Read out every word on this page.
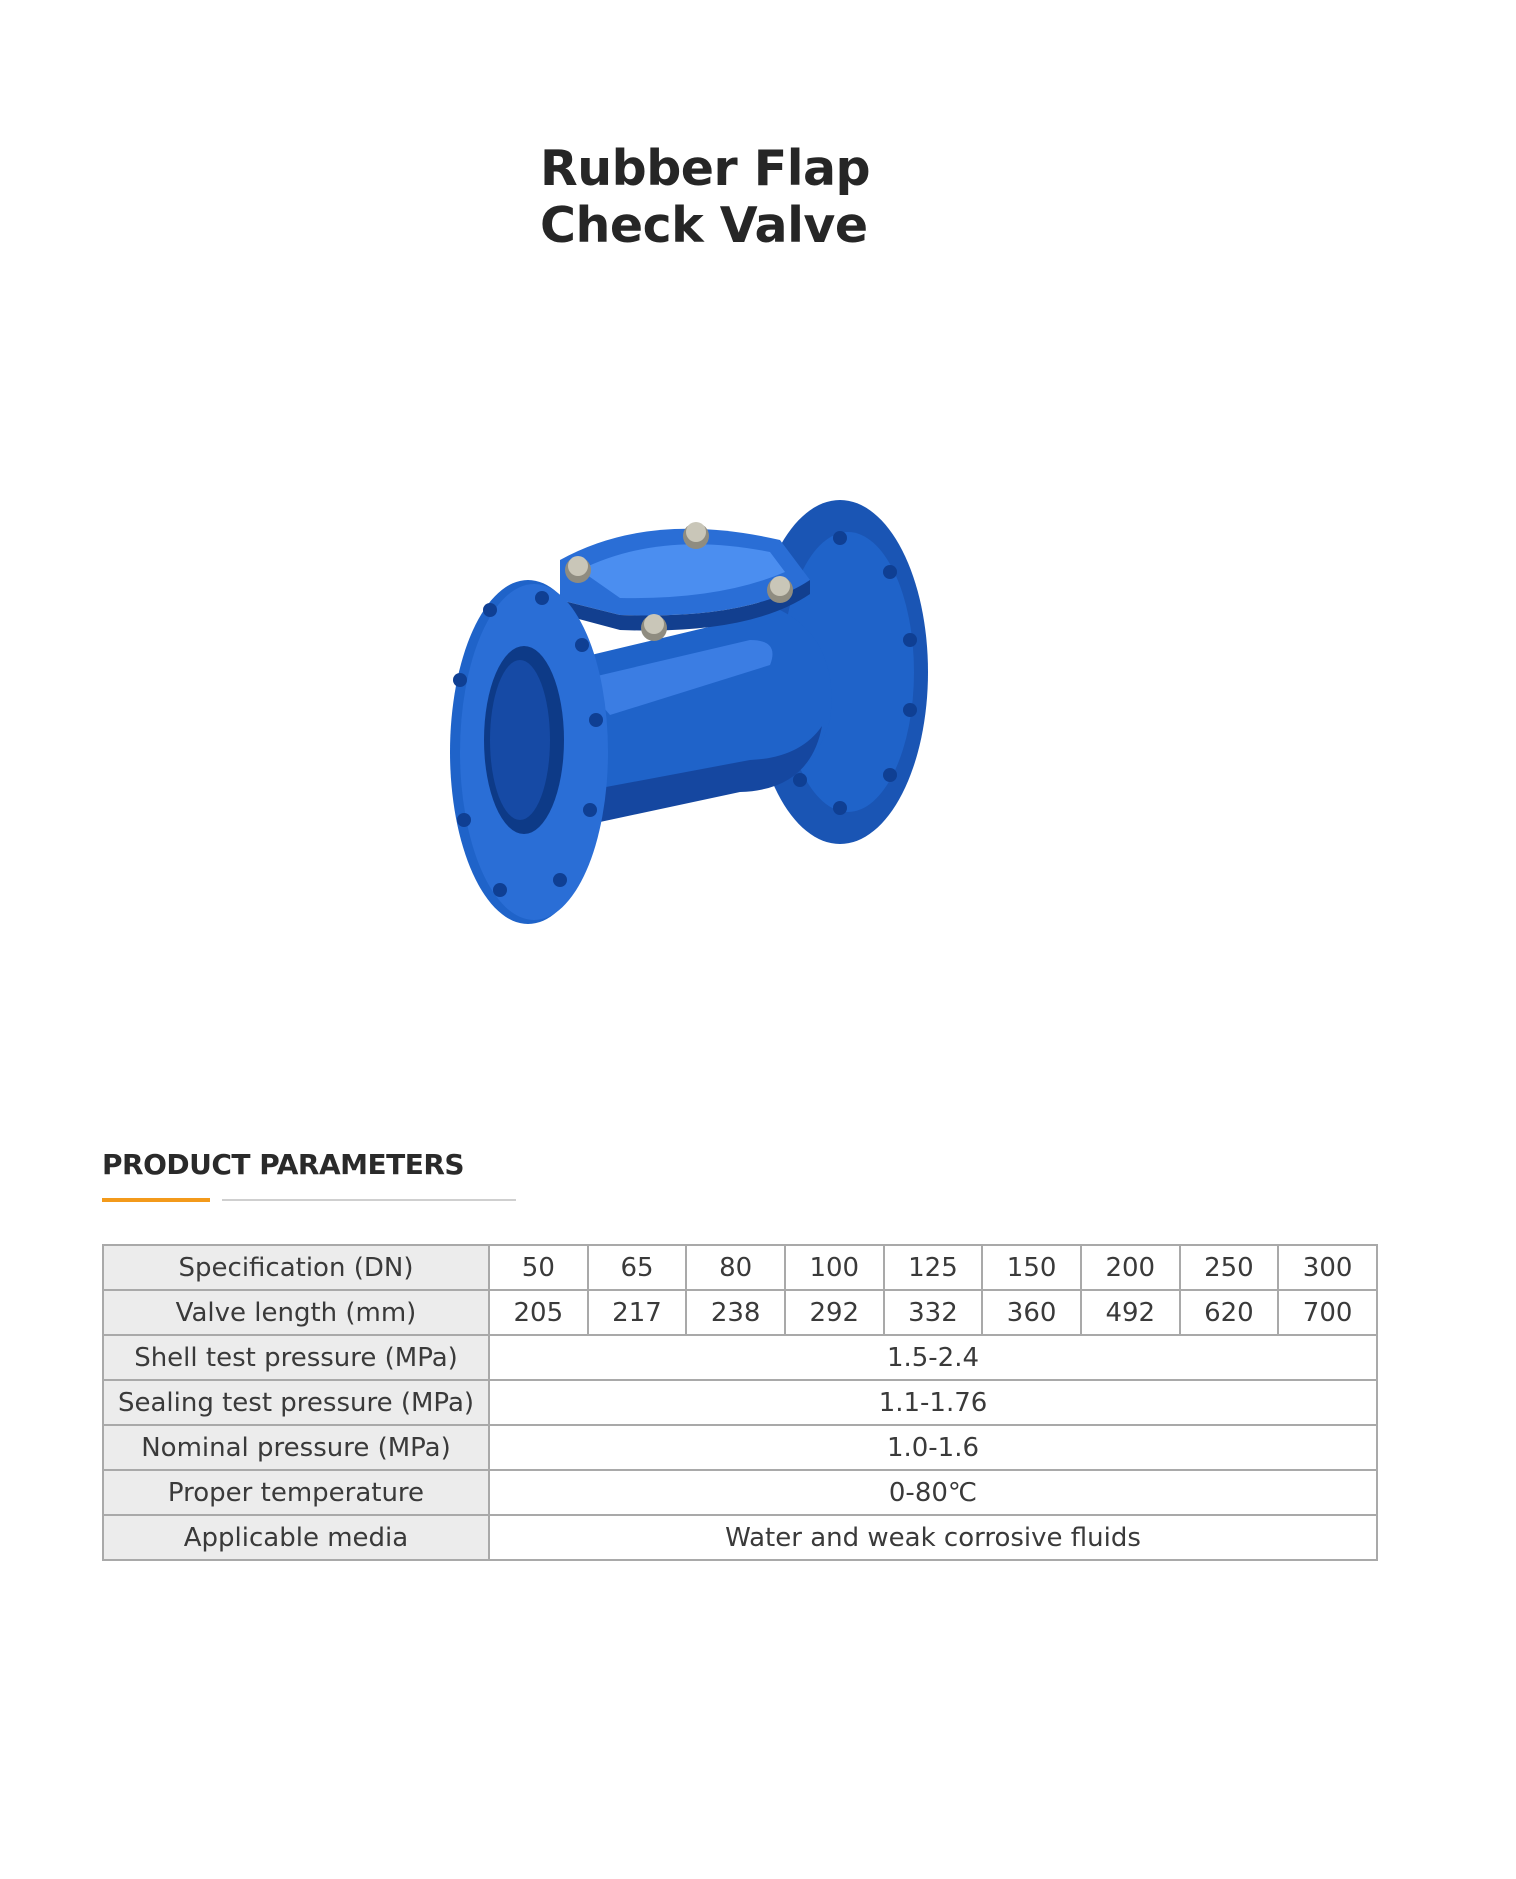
Rubber Flap
Check Valve
PRODUCT PARAMETERS
Specification (DN)	50	65	80	100	125	150	200	250	300
Valve length (mm)	205	217	238	292	332	360	492	620	700
Shell test pressure (MPa)	1.5-2.4								
Sealing test pressure (MPa)	1.1-1.76								
Nominal pressure (MPa)	1.0-1.6								
Proper temperature	0-80℃								
Applicable media	Water and weak corrosive fluids								
